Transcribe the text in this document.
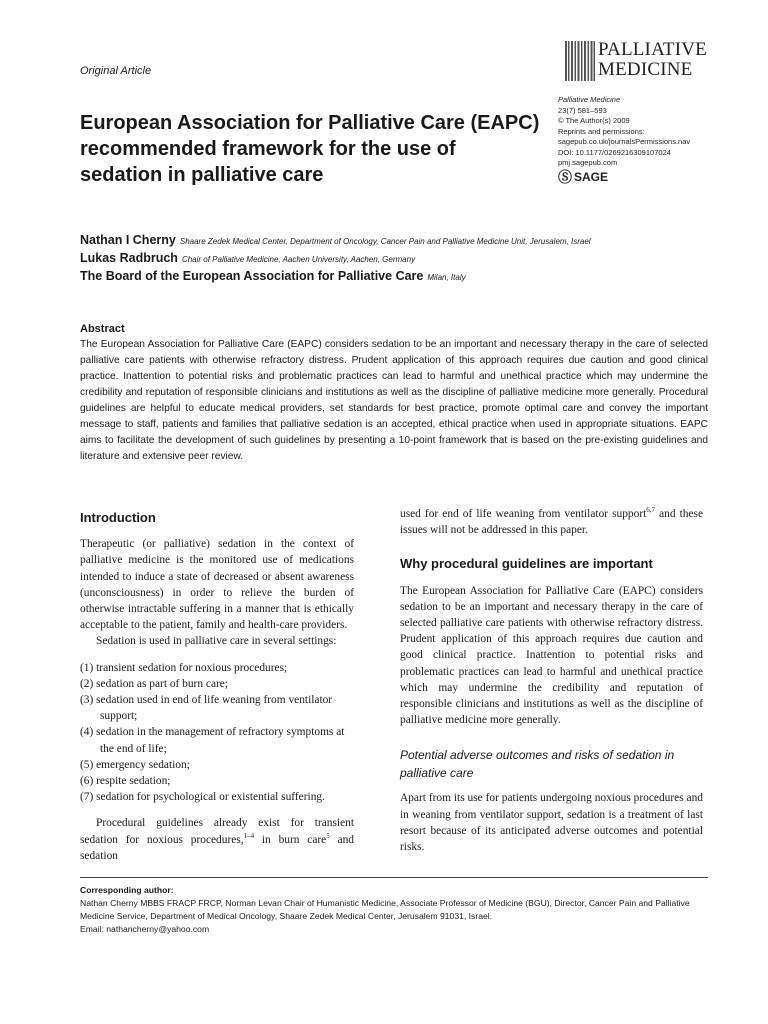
Original Article
PALLIATIVE
MEDICINE
European Association for Palliative Care (EAPC) recommended framework for the use of sedation in palliative care
Palliative Medicine
23(7) 581–593
© The Author(s) 2009
Reprints and permissions:
sagepub.co.uk/journalsPermissions.nav
DOI: 10.1177/0269216309107024
pmj.sagepub.com
Ⓢ SAGE
Nathan I Cherny Shaare Zedek Medical Center, Department of Oncology, Cancer Pain and Palliative Medicine Unit, Jerusalem, Israel
Lukas Radbruch Chair of Palliative Medicine, Aachen University, Aachen, Germany
The Board of the European Association for Palliative Care Milan, Italy
Abstract
The European Association for Palliative Care (EAPC) considers sedation to be an important and necessary therapy in the care of selected palliative care patients with otherwise refractory distress. Prudent application of this approach requires due caution and good clinical practice. Inattention to potential risks and problematic practices can lead to harmful and unethical practice which may undermine the credibility and reputation of responsible clinicians and institutions as well as the discipline of palliative medicine more generally. Procedural guidelines are helpful to educate medical providers, set standards for best practice, promote optimal care and convey the important message to staff, patients and families that palliative sedation is an accepted, ethical practice when used in appropriate situations. EAPC aims to facilitate the development of such guidelines by presenting a 10-point framework that is based on the pre-existing guidelines and literature and extensive peer review.
Introduction

Therapeutic (or palliative) sedation in the context of palliative medicine is the monitored use of medications intended to induce a state of decreased or absent awareness (unconsciousness) in order to relieve the burden of otherwise intractable suffering in a manner that is ethically acceptable to the patient, family and health-care providers.

Sedation is used in palliative care in several settings:

(1) transient sedation for noxious procedures;
(2) sedation as part of burn care;
(3) sedation used in end of life weaning from ventilator support;
(4) sedation in the management of refractory symptoms at the end of life;
(5) emergency sedation;
(6) respite sedation;
(7) sedation for psychological or existential suffering.

Procedural guidelines already exist for transient sedation for noxious procedures,$^{1-4}$ in burn care$^5$ and sedation

used for end of life weaning from ventilator support$^{6,7}$ and these issues will not be addressed in this paper.

Why procedural guidelines are important

The European Association for Palliative Care (EAPC) considers sedation to be an important and necessary therapy in the care of selected palliative care patients with otherwise refractory distress. Prudent application of this approach requires due caution and good clinical practice. Inattention to potential risks and problematic practices can lead to harmful and unethical practice which may undermine the credibility and reputation of responsible clinicians and institutions as well as the discipline of palliative medicine more generally.

Potential adverse outcomes and risks of sedation in palliative care

Apart from its use for patients undergoing noxious procedures and in weaning from ventilator support, sedation is a treatment of last resort because of its anticipated adverse outcomes and potential risks.

Corresponding author:
Nathan Cherny MBBS FRACP FRCP, Norman Levan Chair of Humanistic Medicine, Associate Professor of Medicine (BGU), Director, Cancer Pain and Palliative Medicine Service, Department of Medical Oncology, Shaare Zedek Medical Center, Jerusalem 91031, Israel.
Email: nathancherny@yahoo.com
